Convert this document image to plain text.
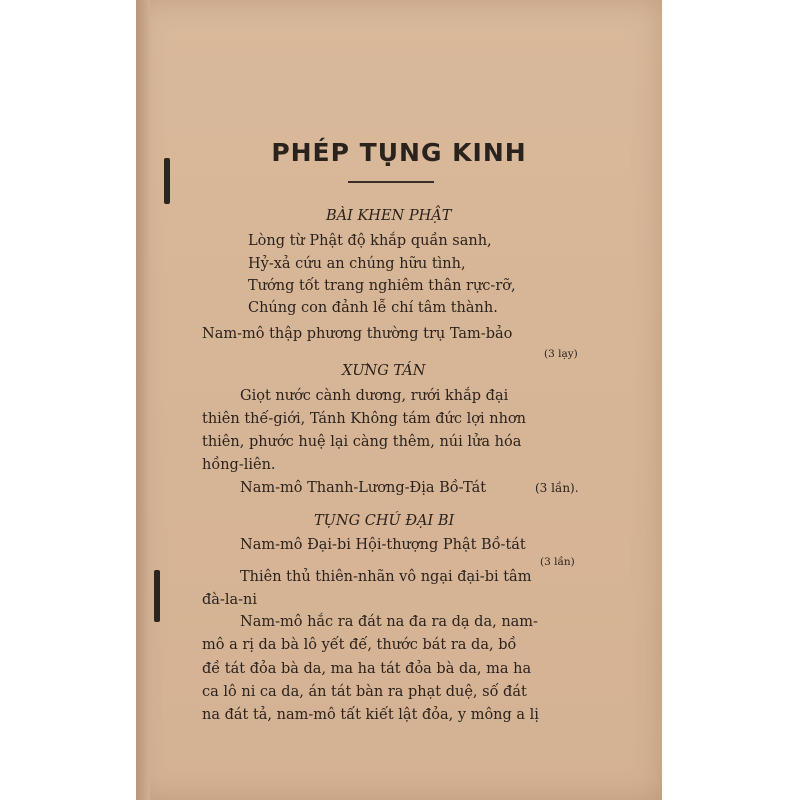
PHÉP TỤNG KINH
BÀI KHEN PHẬT
Lòng từ Phật độ khắp quần sanh,
Hỷ-xả cứu an chúng hữu tình,
Tướng tốt trang nghiêm thân rực-rỡ,
Chúng con đảnh lễ chí tâm thành.
Nam-mô thập phương thường trụ Tam-bảo
(3 lạy)
XƯNG TÁN
Giọt nước cành dương, rưới khắp đại
thiên thế-giới, Tánh Không tám đức lợi nhơn
thiên, phước huệ lại càng thêm, núi lửa hóa
hồng-liên.
Nam-mô Thanh-Lương-Địa Bồ-Tát	(3 lần).
TỤNG CHÚ ĐẠI BI
Nam-mô Đại-bi Hội-thượng Phật Bồ-tát
(3 lần)
Thiên thủ thiên-nhãn vô ngại đại-bi tâm
đà-la-ni
Nam-mô hắc ra đát na đa ra dạ da, nam-
mô a rị da bà lô yết đế, thước bát ra da, bồ
đề tát đỏa bà da, ma ha tát đỏa bà da, ma ha
ca lô ni ca da, án tát bàn ra phạt duệ, số đát
na đát tả, nam-mô tất kiết lật đỏa, y mông a lị
